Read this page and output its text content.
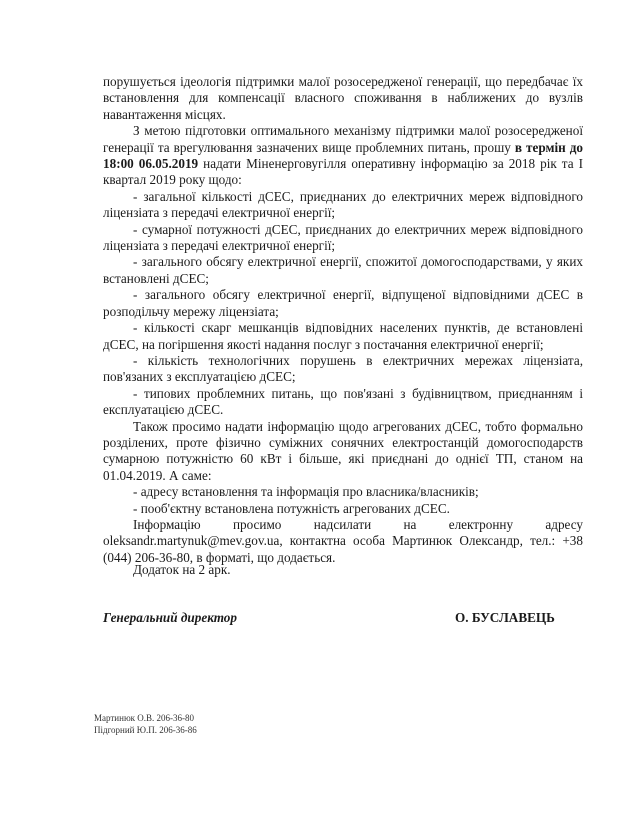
порушується ідеологія підтримки малої розосередженої генерації, що передбачає їх встановлення для компенсації власного споживання в наближених до вузлів навантаження місцях.

З метою підготовки оптимального механізму підтримки малої розосередженої генерації та врегулювання зазначених вище проблемних питань, прошу в термін до 18:00 06.05.2019 надати Міненерговугілля оперативну інформацію за 2018 рік та І квартал 2019 року щодо:

- загальної кількості дСЕС, приєднаних до електричних мереж відповідного ліцензіата з передачі електричної енергії;

- сумарної потужності дСЕС, приєднаних до електричних мереж відповідного ліцензіата з передачі електричної енергії;

- загального обсягу електричної енергії, спожитої домогосподарствами, у яких встановлені дСЕС;

- загального обсягу електричної енергії, відпущеної відповідними дСЕС в розподільчу мережу ліцензіата;

- кількості скарг мешканців відповідних населених пунктів, де встановлені дСЕС, на погіршення якості надання послуг з постачання електричної енергії;

- кількість технологічних порушень в електричних мережах ліцензіата, пов'язаних з експлуатацією дСЕС;

- типових проблемних питань, що пов'язані з будівництвом, приєднанням і експлуатацією дСЕС.

Також просимо надати інформацію щодо агрегованих дСЕС, тобто формально розділених, проте фізично суміжних сонячних електростанцій домогосподарств сумарною потужністю 60 кВт і більше, які приєднані до однієї ТП, станом на 01.04.2019. А саме:

- адресу встановлення та інформація про власника/власників;

- пооб'єктну встановлена потужність агрегованих дСЕС.

Інформацію просимо надсилати на електронну адресу oleksandr.martynuk@mev.gov.ua, контактна особа Мартинюк Олександр, тел.: +38 (044) 206-36-80, в форматі, що додається.

Додаток на 2 арк.
Генеральний директор	О. БУСЛАВЕЦЬ
Мартинюк О.В. 206-36-80
Підгорний Ю.П. 206-36-86
